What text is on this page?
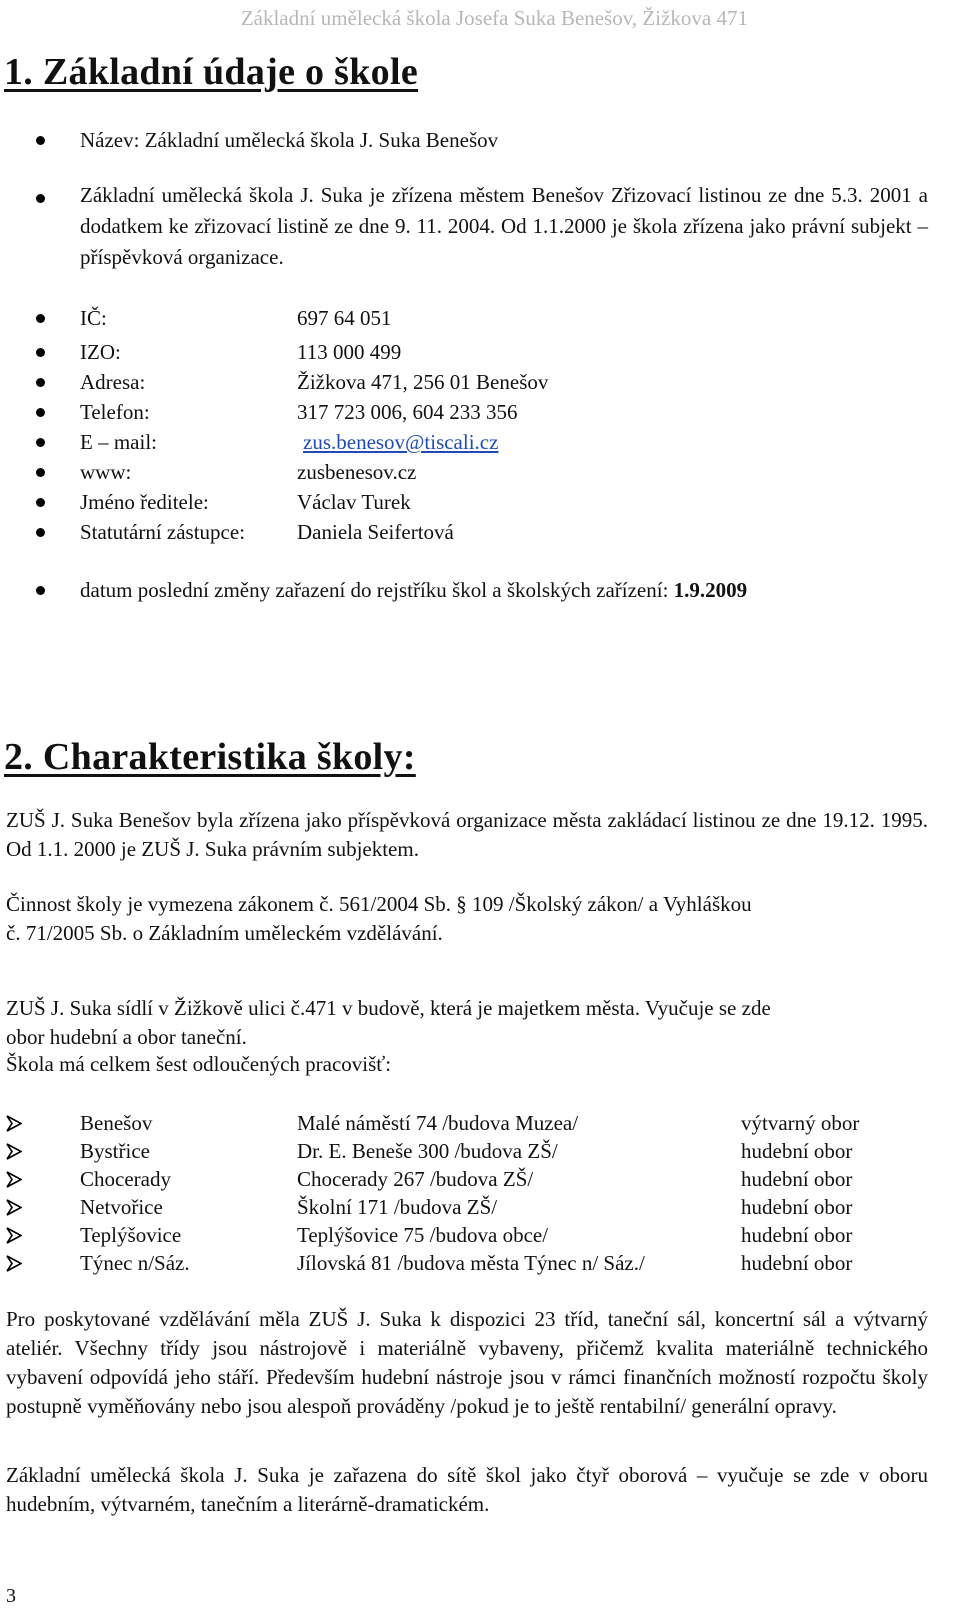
Základní umělecká škola Josefa Suka Benešov, Žižkova 471
1. Základní údaje o škole
Název: Základní umělecká škola J. Suka Benešov
Základní umělecká škola J. Suka je zřízena městem Benešov Zřizovací listinou ze dne 5.3. 2001 a dodatkem ke zřizovací listině ze dne 9. 11. 2004. Od 1.1.2000 je škola zřízena jako právní subjekt – příspěvková organizace.
IČ:	697 64 051
IZO:	113 000 499
Adresa:	Žižkova 471, 256 01 Benešov
Telefon:	317 723 006, 604 233 356
E – mail:	zus.benesov@tiscali.cz
www:	zusbenesov.cz
Jméno ředitele:	Václav Turek
Statutární zástupce: Daniela Seifertová
datum poslední změny zařazení do rejstříku škol a školských zařízení: 1.9.2009
2. Charakteristika školy:

ZUŠ J. Suka Benešov byla zřízena jako příspěvková organizace města zakládací listinou ze dne 19.12. 1995. Od 1.1. 2000 je ZUŠ J. Suka právním subjektem.

Činnost školy je vymezena zákonem č. 561/2004 Sb. § 109 /Školský zákon/ a Vyhláškou

č. 71/2005 Sb. o Základním uměleckém vzdělávání.

ZUŠ J. Suka sídlí v Žižkově ulici č.471 v budově, která je majetkem města. Vyučuje se zde

obor hudební a obor taneční.

Škola má celkem šest odloučených pracovišť:

Benešov	Malé náměstí 74 /budova Muzea/	výtvarný obor
Bystřice	Dr. E. Beneše 300 /budova ZŠ/	hudební obor
Chocerady	Chocerady 267 /budova ZŠ/	hudební obor
Netvořice	Školní 171 /budova ZŠ/	hudební obor
Teplýšovice	Teplýšovice 75 /budova obce/	hudební obor
Týnec n/Sáz.	Jílovská 81 /budova města Týnec n/ Sáz./	hudební obor

Pro poskytované vzdělávání měla ZUŠ J. Suka k dispozici 23 tříd, taneční sál, koncertní sál a výtvarný ateliér. Všechny třídy jsou nástrojově i materiálně vybaveny, přičemž kvalita materiálně technického vybavení odpovídá jeho stáří. Především hudební nástroje jsou v rámci finančních možností rozpočtu školy postupně vyměňovány nebo jsou alespoň prováděny /pokud je to ještě rentabilní/ generální opravy.

Základní umělecká škola J. Suka je zařazena do sítě škol jako čtyř oborová – vyučuje se zde v oboru hudebním, výtvarném, tanečním a literárně-dramatickém.

3
